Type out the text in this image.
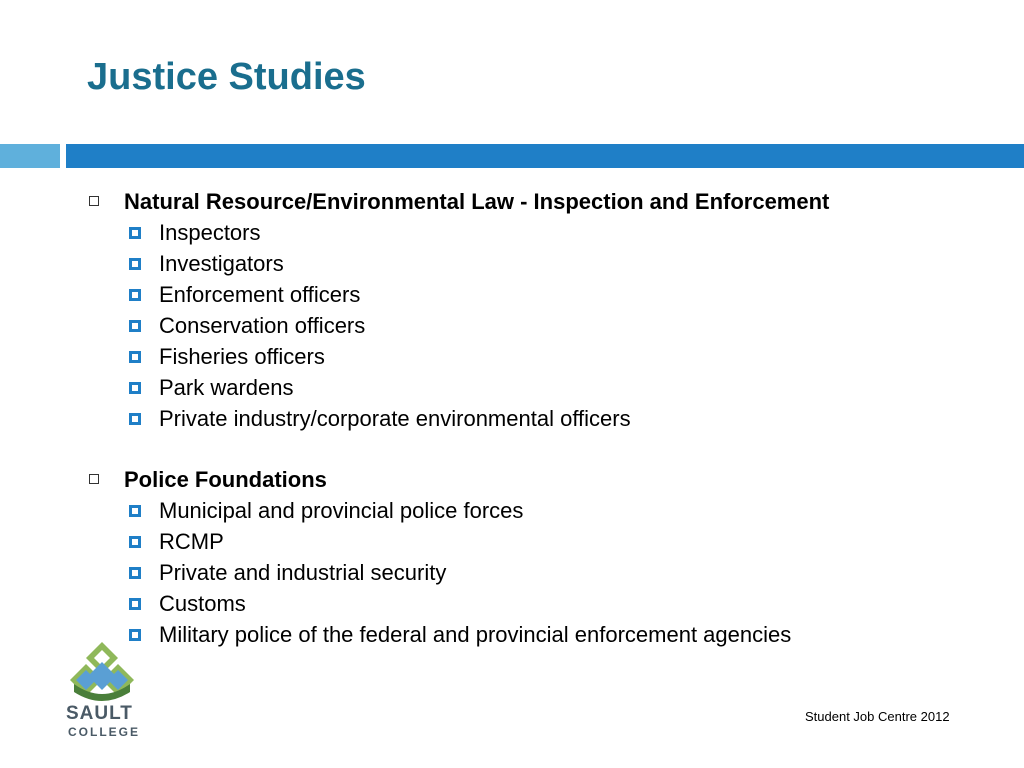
Justice Studies
Natural Resource/Environmental Law - Inspection and Enforcement
Inspectors
Investigators
Enforcement officers
Conservation officers
Fisheries officers
Park wardens
Private industry/corporate environmental officers
Police Foundations
Municipal and provincial police forces
RCMP
Private and industrial security
Customs
Military police of the federal and provincial enforcement agencies
SAULT
COLLEGE
Student Job Centre 2012
